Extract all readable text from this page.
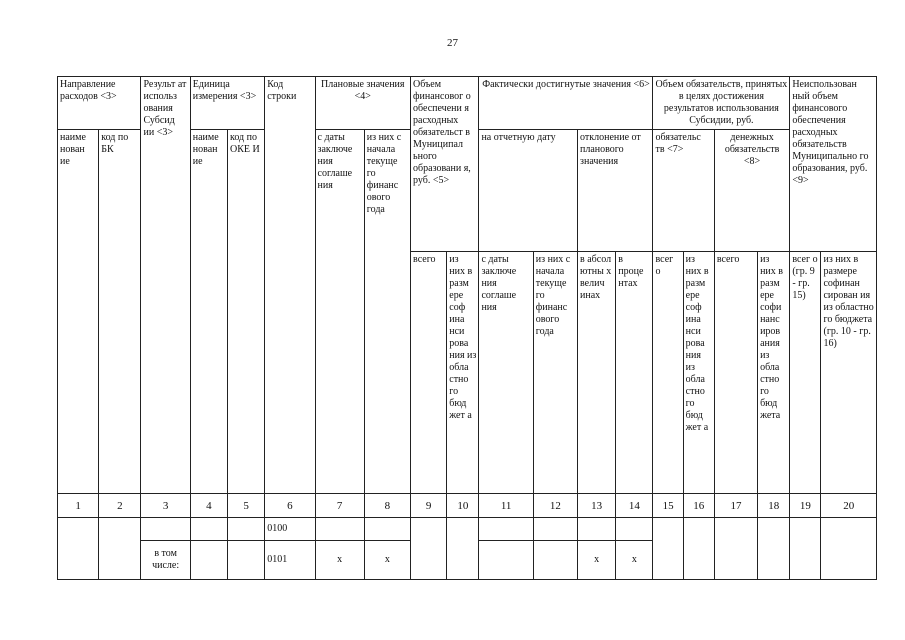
27
Направление расходов <3>		Результ ат использ ования Субсид ии <3>	Единица измерения <3>		Код строки	Плановые значения <4>		Объем финансовог о обеспечени я расходных обязательст в Муниципал ьного образовани я, руб. <5>		Фактически достигнутые значения <6>				Объем обязательств, принятых в целях достижения результатов использования Субсидии, руб.				Неиспользован ный объем финансового обеспечения расходных обязательств Муниципально го образования, руб. <9>	
наиме нован ие	код по БК		наиме нован ие	код по ОКЕ И		с даты заключе ния соглаше ния	из них с начала текуще го финанс ового года			на отчетную дату		отклонение от планового значения		обязательс тв <7>		денежных обязательств <8>			
								всего	из них в разм ере соф ина нси рова ния из обла стно го бюд жет а	с даты заключе ния соглаше ния	из них с начала текуще го финанс ового года	в абсол ютны х велич инах	в проце нтах	всег о	из них в разм ере соф ина нси рова ния из обла стно го бюд жет а	всего	из них в разм ере софи нанс иров ания из обла стно го бюд жета	всег о (гр. 9 - гр. 15)	из них в размере софинан сирован ия из областно го бюджета (гр. 10 - гр. 16)
1	2	3	4	5	6	7	8	9	10	11	12	13	14	15	16	17	18	19	20
					0100														
		в том числе:			0101	х	х					х	х						
